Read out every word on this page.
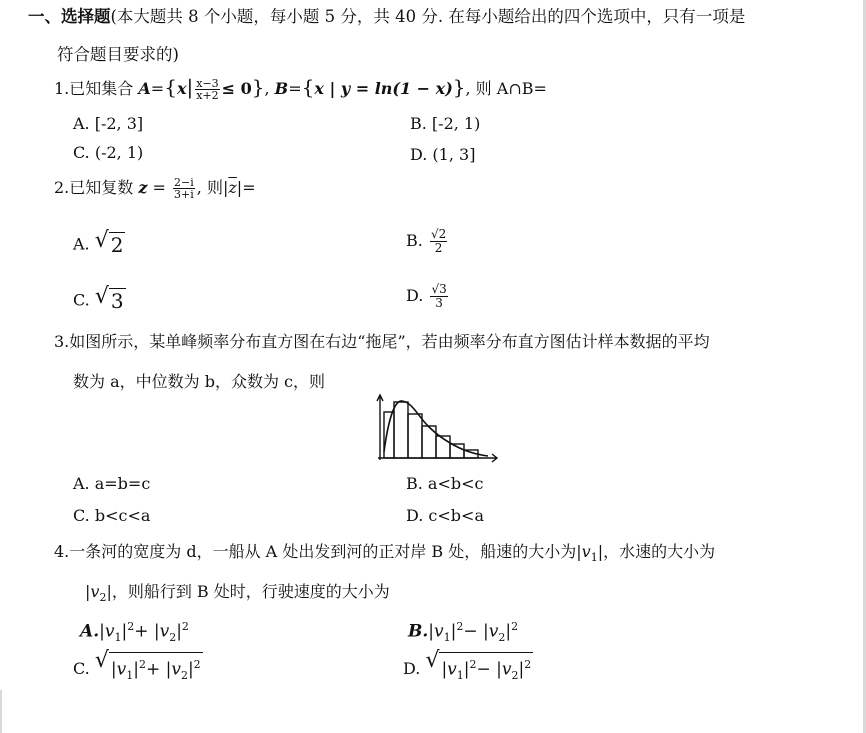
一、选择题(本大题共 8 个小题，每小题 5 分，共 40 分. 在每小题给出的四个选项中，只有一项是
符合题目要求的)
1.已知集合 $A=\{x| \frac{x-3}{x+2} \le 0\}$, B={x | y = ln(1 − x)}, 则 A∩B=
A. [-2, 3]	B. [-2, 1)
C. (-2, 1)	D. (1, 3]
2.已知复数 $z = \frac{2-i}{3+i}$ , 则$|\overline{z}|=$
A. √ 2	B. $\frac{√2}{2}$
C. √ 3	D. $\frac{√3}{3}$
3.如图所示，某单峰频率分布直方图在右边“拖尾”，若由频率分布直方图估计样本数据的平均
数为 a，中位数为 b，众数为 c，则
A. a=b=c	B. a<b<c
C. b<c<a	D. c<b<a
4.一条河的宽度为 d，一船从 A 处出发到河的正对岸 B 处，船速的大小为$|v_1|$，水速的大小为
$|v_2|$，则船行到 B 处时，行驶速度的大小为
$A.|v_1|^2+ |v_2|^2$	$B.|v_1|^2- |v_2|^2$
C. √ $|v_1|^2+ |v_2|^2$	D. √ $|v_1|^2- |v_2|^2$
